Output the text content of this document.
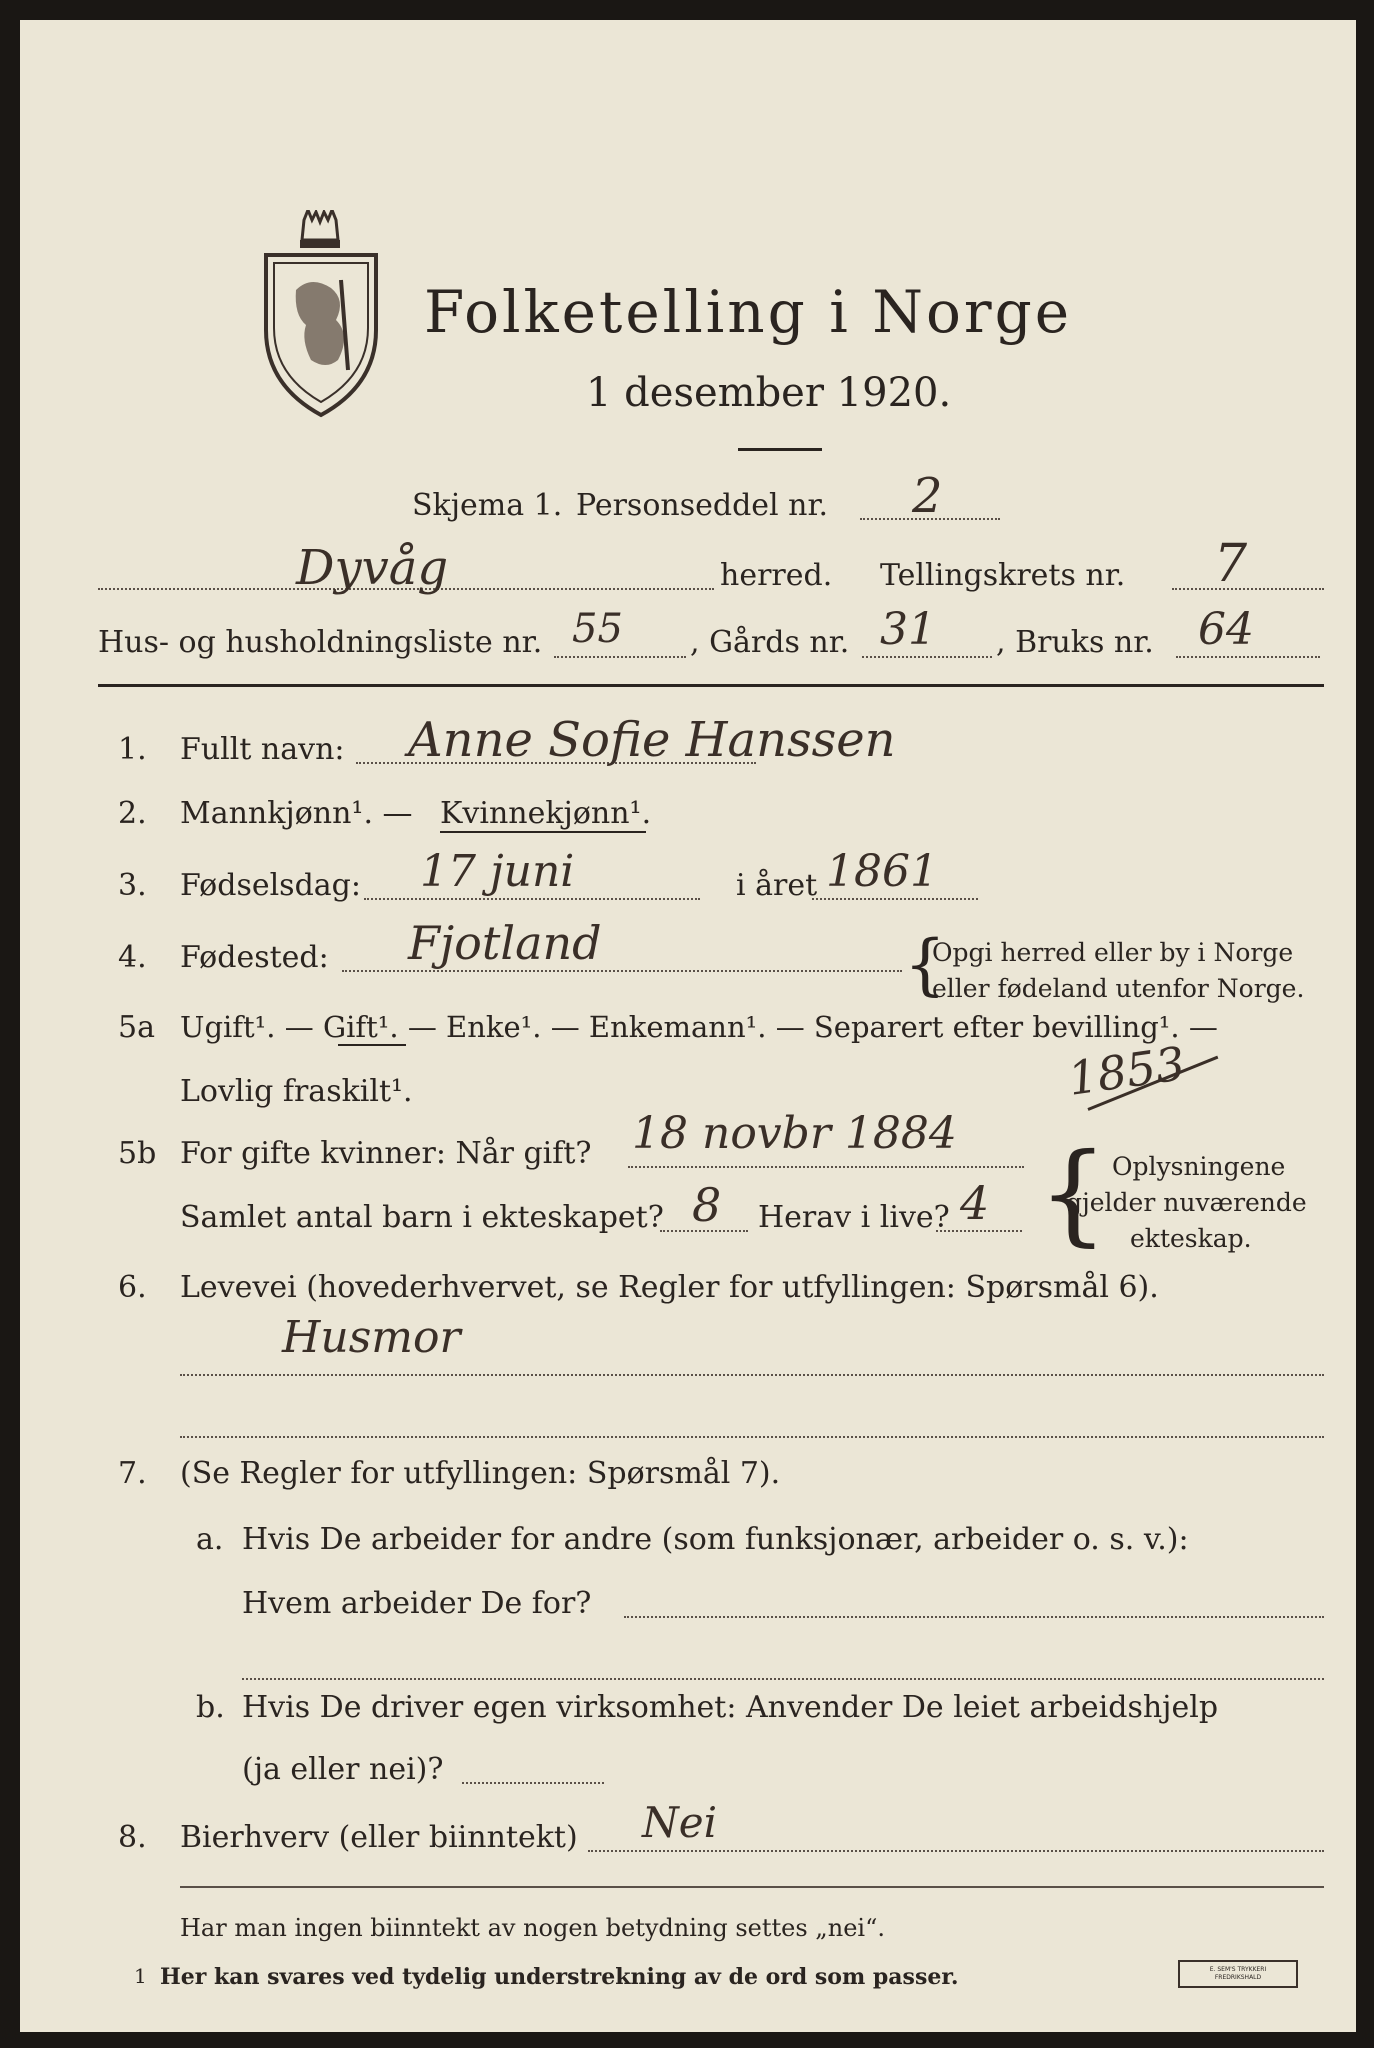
Folketelling i Norge
1 desember 1920.
Skjema 1. Personseddel nr. 2
Dyvåg	herred. Tellingskrets nr. 7
Hus- og husholdningsliste nr. 55 , Gårds nr. 31 , Bruks nr. 64
1. Fullt navn: Anne Sofie Hanssen
2. Mannkjønn¹. — Kvinnekjønn¹.
3. Fødselsdag: 17 juni	i året 1861
4. Fødested: Fjotland	{
Opgi herred eller by i Norge
eller fødeland utenfor Norge.
5a Ugift¹. — Gift¹. — Enke¹. — Enkemann¹. — Separert efter bevilling¹. —
Lovlig fraskilt¹.	1853
5b For gifte kvinner: Når gift? 18 novbr 1884
Samlet antal barn i ekteskapet? 8 Herav i live? 4 { Oplysningene
gjelder nuværende
ekteskap.
6. Levevei (hovederhvervet, se Regler for utfyllingen: Spørsmål 6).
Husmor
7. (Se Regler for utfyllingen: Spørsmål 7).
a. Hvis De arbeider for andre (som funksjonær, arbeider o. s. v.):
Hvem arbeider De for?
b. Hvis De driver egen virksomhet: Anvender De leiet arbeidshjelp
(ja eller nei)?
8. Bierhverv (eller biinntekt) Nei
Har man ingen biinntekt av nogen betydning settes „nei“.
1 Her kan svares ved tydelig understrekning av de ord som passer.	E. SEM'S TRYKKERI FREDRIKSHALD
